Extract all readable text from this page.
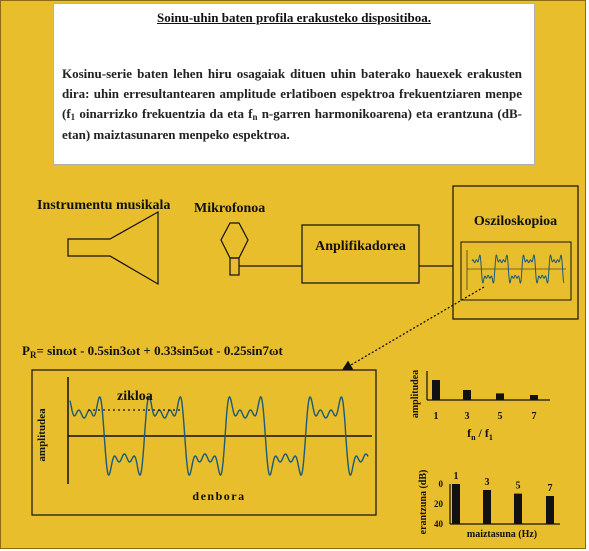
Soinu-uhin baten profila erakusteko dispositiboa.
Kosinu-serie baten lehen hiru osagaiak dituen uhin baterako hauexek erakusten dira: uhin erresultantearen amplitude erlatiboen espektroa frekuentziaren menpe (f1 oinarrizko frekuentzia da eta fn n-garren harmonikoarena) eta erantzuna (dB-etan) maiztasunaren menpeko espektroa.
Instrumentu musikala Mikrofonoa
Anplifikadorea
Osziloskopioa
$P_R= \sin\omega t - 0.5\sin 3\omega t + 0.33\sin 5\omega t - 0.25\sin 7\omega t$
zikloa
amplitudea
denbora
1	3	5	7
amplitudea
$f_n / f_1$
1
3	5	7
0
20
40
erantzuna (dB)
maiztasuna (Hz)
